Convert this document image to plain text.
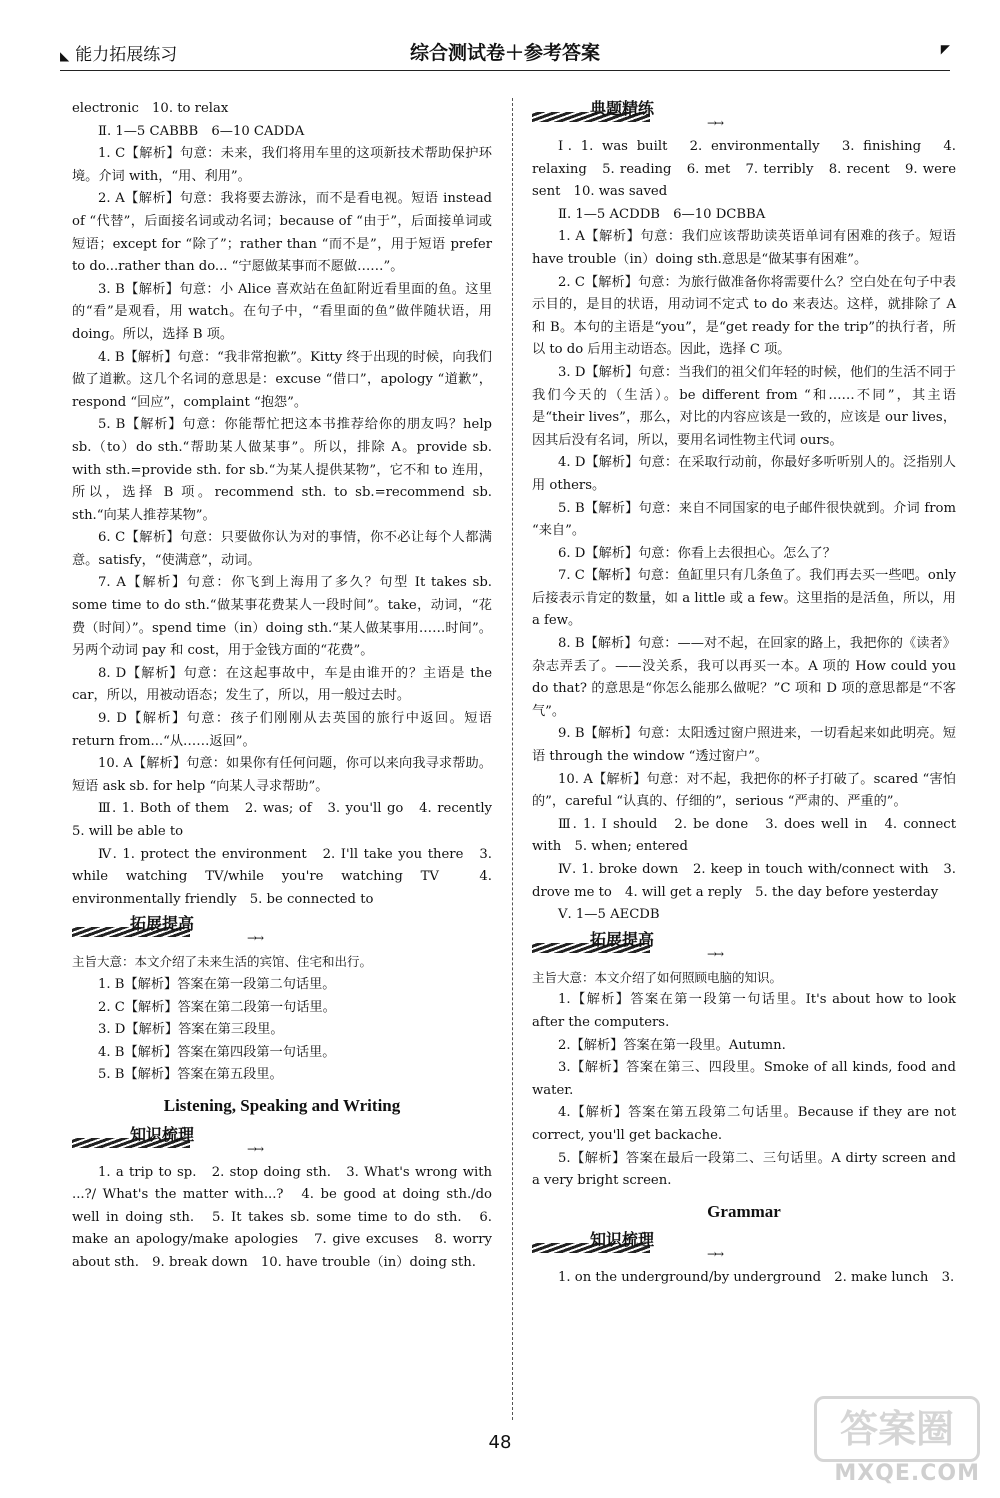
◣ 能力拓展练习	综合测试卷＋参考答案	◤

electronic　10. to relax

Ⅱ. 1—5 CABBB　6—10 CADDA

1. C【解析】句意：未来，我们将用车里的这项新技术帮助保护环境。介词 with，“用、利用”。

2. A【解析】句意：我将要去游泳，而不是看电视。短语 instead of “代替”，后面接名词或动名词；because of “由于”，后面接单词或短语；except for “除了”；rather than “而不是”，用于短语 prefer to do...rather than do... “宁愿做某事而不愿做……”。

3. B【解析】句意：小 Alice 喜欢站在鱼缸附近看里面的鱼。这里的“看”是观看，用 watch。在句子中，“看里面的鱼”做伴随状语，用 doing。所以，选择 B 项。

4. B【解析】句意：“我非常抱歉”。Kitty 终于出现的时候，向我们做了道歉。这几个名词的意思是：excuse “借口”，apology “道歉”，respond “回应”，complaint “抱怨”。

5. B【解析】句意：你能帮忙把这本书推荐给你的朋友吗？help sb.（to）do sth.“帮助某人做某事”。所以，排除 A。provide sb. with sth.=provide sth. for sb.“为某人提供某物”，它不和 to 连用，所以，选择 B 项。recommend sth. to sb.=recommend sb. sth.“向某人推荐某物”。

6. C【解析】句意：只要做你认为对的事情，你不必让每个人都满意。satisfy，“使满意”，动词。

7. A【解析】句意：你飞到上海用了多久？句型 It takes sb. some time to do sth.“做某事花费某人一段时间”。take，动词，“花费（时间）”。spend time（in）doing sth.“某人做某事用……时间”。另两个动词 pay 和 cost，用于金钱方面的“花费”。

8. D【解析】句意：在这起事故中，车是由谁开的？主语是 the car，所以，用被动语态；发生了，所以，用一般过去时。

9. D【解析】句意：孩子们刚刚从去英国的旅行中返回。短语 return from...“从……返回”。

10. A【解析】句意：如果你有任何问题，你可以来向我寻求帮助。短语 ask sb. for help “向某人寻求帮助”。

Ⅲ. 1. Both of them　2. was; of　3. you'll go　4. recently　5. will be able to

Ⅳ. 1. protect the environment　2. I'll take you there　3. while watching TV/while you're watching TV　4. environmentally friendly　5. be connected to

拓展提高
→→

主旨大意：本文介绍了未来生活的宾馆、住宅和出行。

1. B【解析】答案在第一段第二句话里。

2. C【解析】答案在第二段第一句话里。

3. D【解析】答案在第三段里。

4. B【解析】答案在第四段第一句话里。

5. B【解析】答案在第五段里。

Listening, Speaking and Writing
知识梳理
→→

1. a trip to sp.　2. stop doing sth.　3. What's wrong with ...?/ What's the matter with...?　4. be good at doing sth./do well in doing sth.　5. It takes sb. some time to do sth.　6. make an apology/make apologies　7. give excuses　8. worry about sth.　9. break down　10. have trouble（in）doing sth.

典题精练
→→

Ⅰ. 1. was built　2. environmentally　3. finishing　4. relaxing　5. reading　6. met　7. terribly　8. recent　9. were sent　10. was saved

Ⅱ. 1—5 ACDDB　6—10 DCBBA

1. A【解析】句意：我们应该帮助读英语单词有困难的孩子。短语 have trouble（in）doing sth.意思是“做某事有困难”。

2. C【解析】句意：为旅行做准备你将需要什么？空白处在句子中表示目的，是目的状语，用动词不定式 to do 来表达。这样，就排除了 A 和 B。本句的主语是“you”，是“get ready for the trip”的执行者，所以 to do 后用主动语态。因此，选择 C 项。

3. D【解析】句意：当我们的祖父们年轻的时候，他们的生活不同于我们今天的（生活）。be different from “和……不同”，其主语是“their lives”，那么，对比的内容应该是一致的，应该是 our lives，因其后没有名词，所以，要用名词性物主代词 ours。

4. D【解析】句意：在采取行动前，你最好多听听别人的。泛指别人用 others。

5. B【解析】句意：来自不同国家的电子邮件很快就到。介词 from “来自”。

6. D【解析】句意：你看上去很担心。怎么了？

7. C【解析】句意：鱼缸里只有几条鱼了。我们再去买一些吧。only 后接表示肯定的数量，如 a little 或 a few。这里指的是活鱼，所以，用 a few。

8. B【解析】句意：——对不起，在回家的路上，我把你的《读者》杂志弄丢了。——没关系，我可以再买一本。A 项的 How could you do that? 的意思是“你怎么能那么做呢？”C 项和 D 项的意思都是“不客气”。

9. B【解析】句意：太阳透过窗户照进来，一切看起来如此明亮。短语 through the window “透过窗户”。

10. A【解析】句意：对不起，我把你的杯子打破了。scared “害怕的”，careful “认真的、仔细的”，serious “严肃的、严重的”。

Ⅲ. 1. I should　2. be done　3. does well in　4. connect with　5. when; entered

Ⅳ. 1. broke down　2. keep in touch with/connect with　3. drove me to　4. will get a reply　5. the day before yesterday

Ⅴ. 1—5 AECDB

拓展提高
→→

主旨大意：本文介绍了如何照顾电脑的知识。

1.【解析】答案在第一段第一句话里。It's about how to look after the computers.

2.【解析】答案在第一段里。Autumn.

3.【解析】答案在第三、四段里。Smoke of all kinds, food and water.

4.【解析】答案在第五段第二句话里。Because if they are not correct, you'll get backache.

5.【解析】答案在最后一段第二、三句话里。A dirty screen and a very bright screen.

Grammar
知识梳理
→→

1. on the underground/by underground　2. make lunch　3.

48	答案圈
MXQE.COM
